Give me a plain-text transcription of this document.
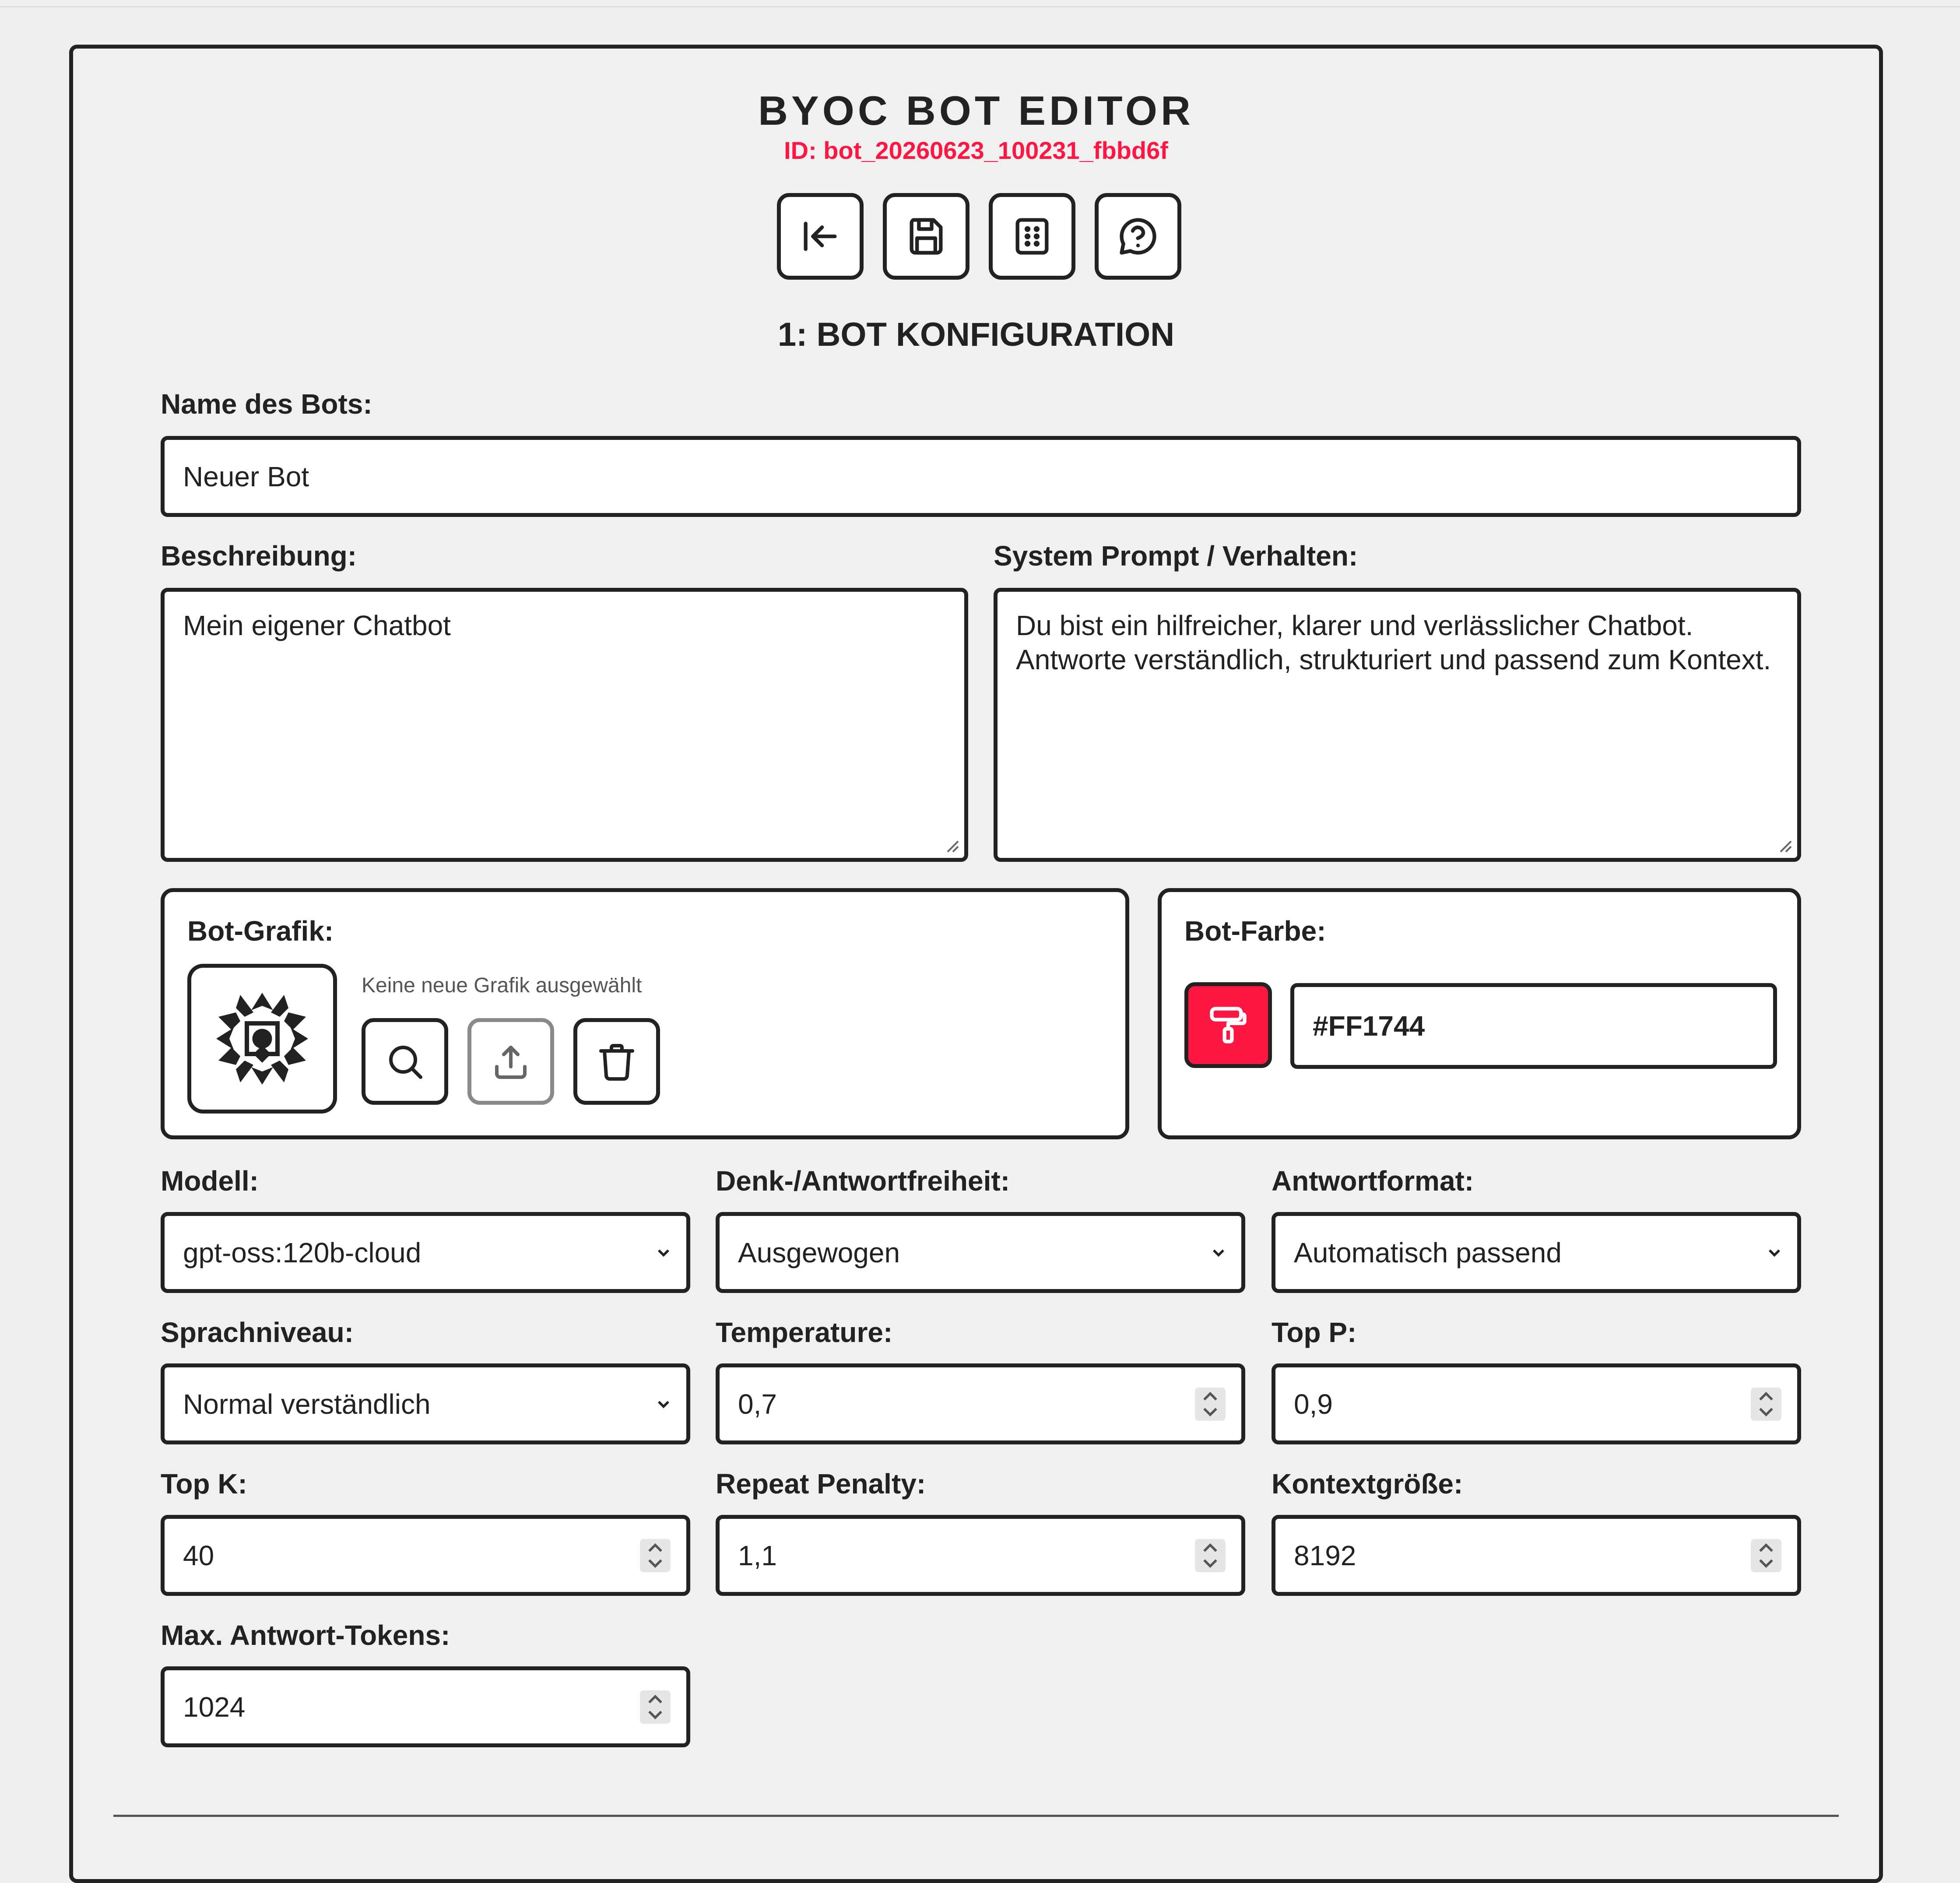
BYOC BOT EDITOR
ID: bot_20260623_100231_fbbd6f
1: BOT KONFIGURATION
Name des Bots:
Neuer Bot
Beschreibung:
Mein eigener Chatbot
System Prompt / Verhalten:
Du bist ein hilfreicher, klarer und verlässlicher Chatbot. Antworte verständlich, strukturiert und passend zum Kontext.
Bot-Grafik:
Keine neue Grafik ausgewählt
Bot-Farbe:
#FF1744
Modell:
gpt-oss:120b-cloud
Denk-/Antwortfreiheit:
Ausgewogen
Antwortformat:
Automatisch passend
Sprachniveau:
Normal verständlich
Temperature:
0,7
Top P:
0,9
Top K:
40
Repeat Penalty:
1,1
Kontextgröße:
8192
Max. Antwort-Tokens:
1024
